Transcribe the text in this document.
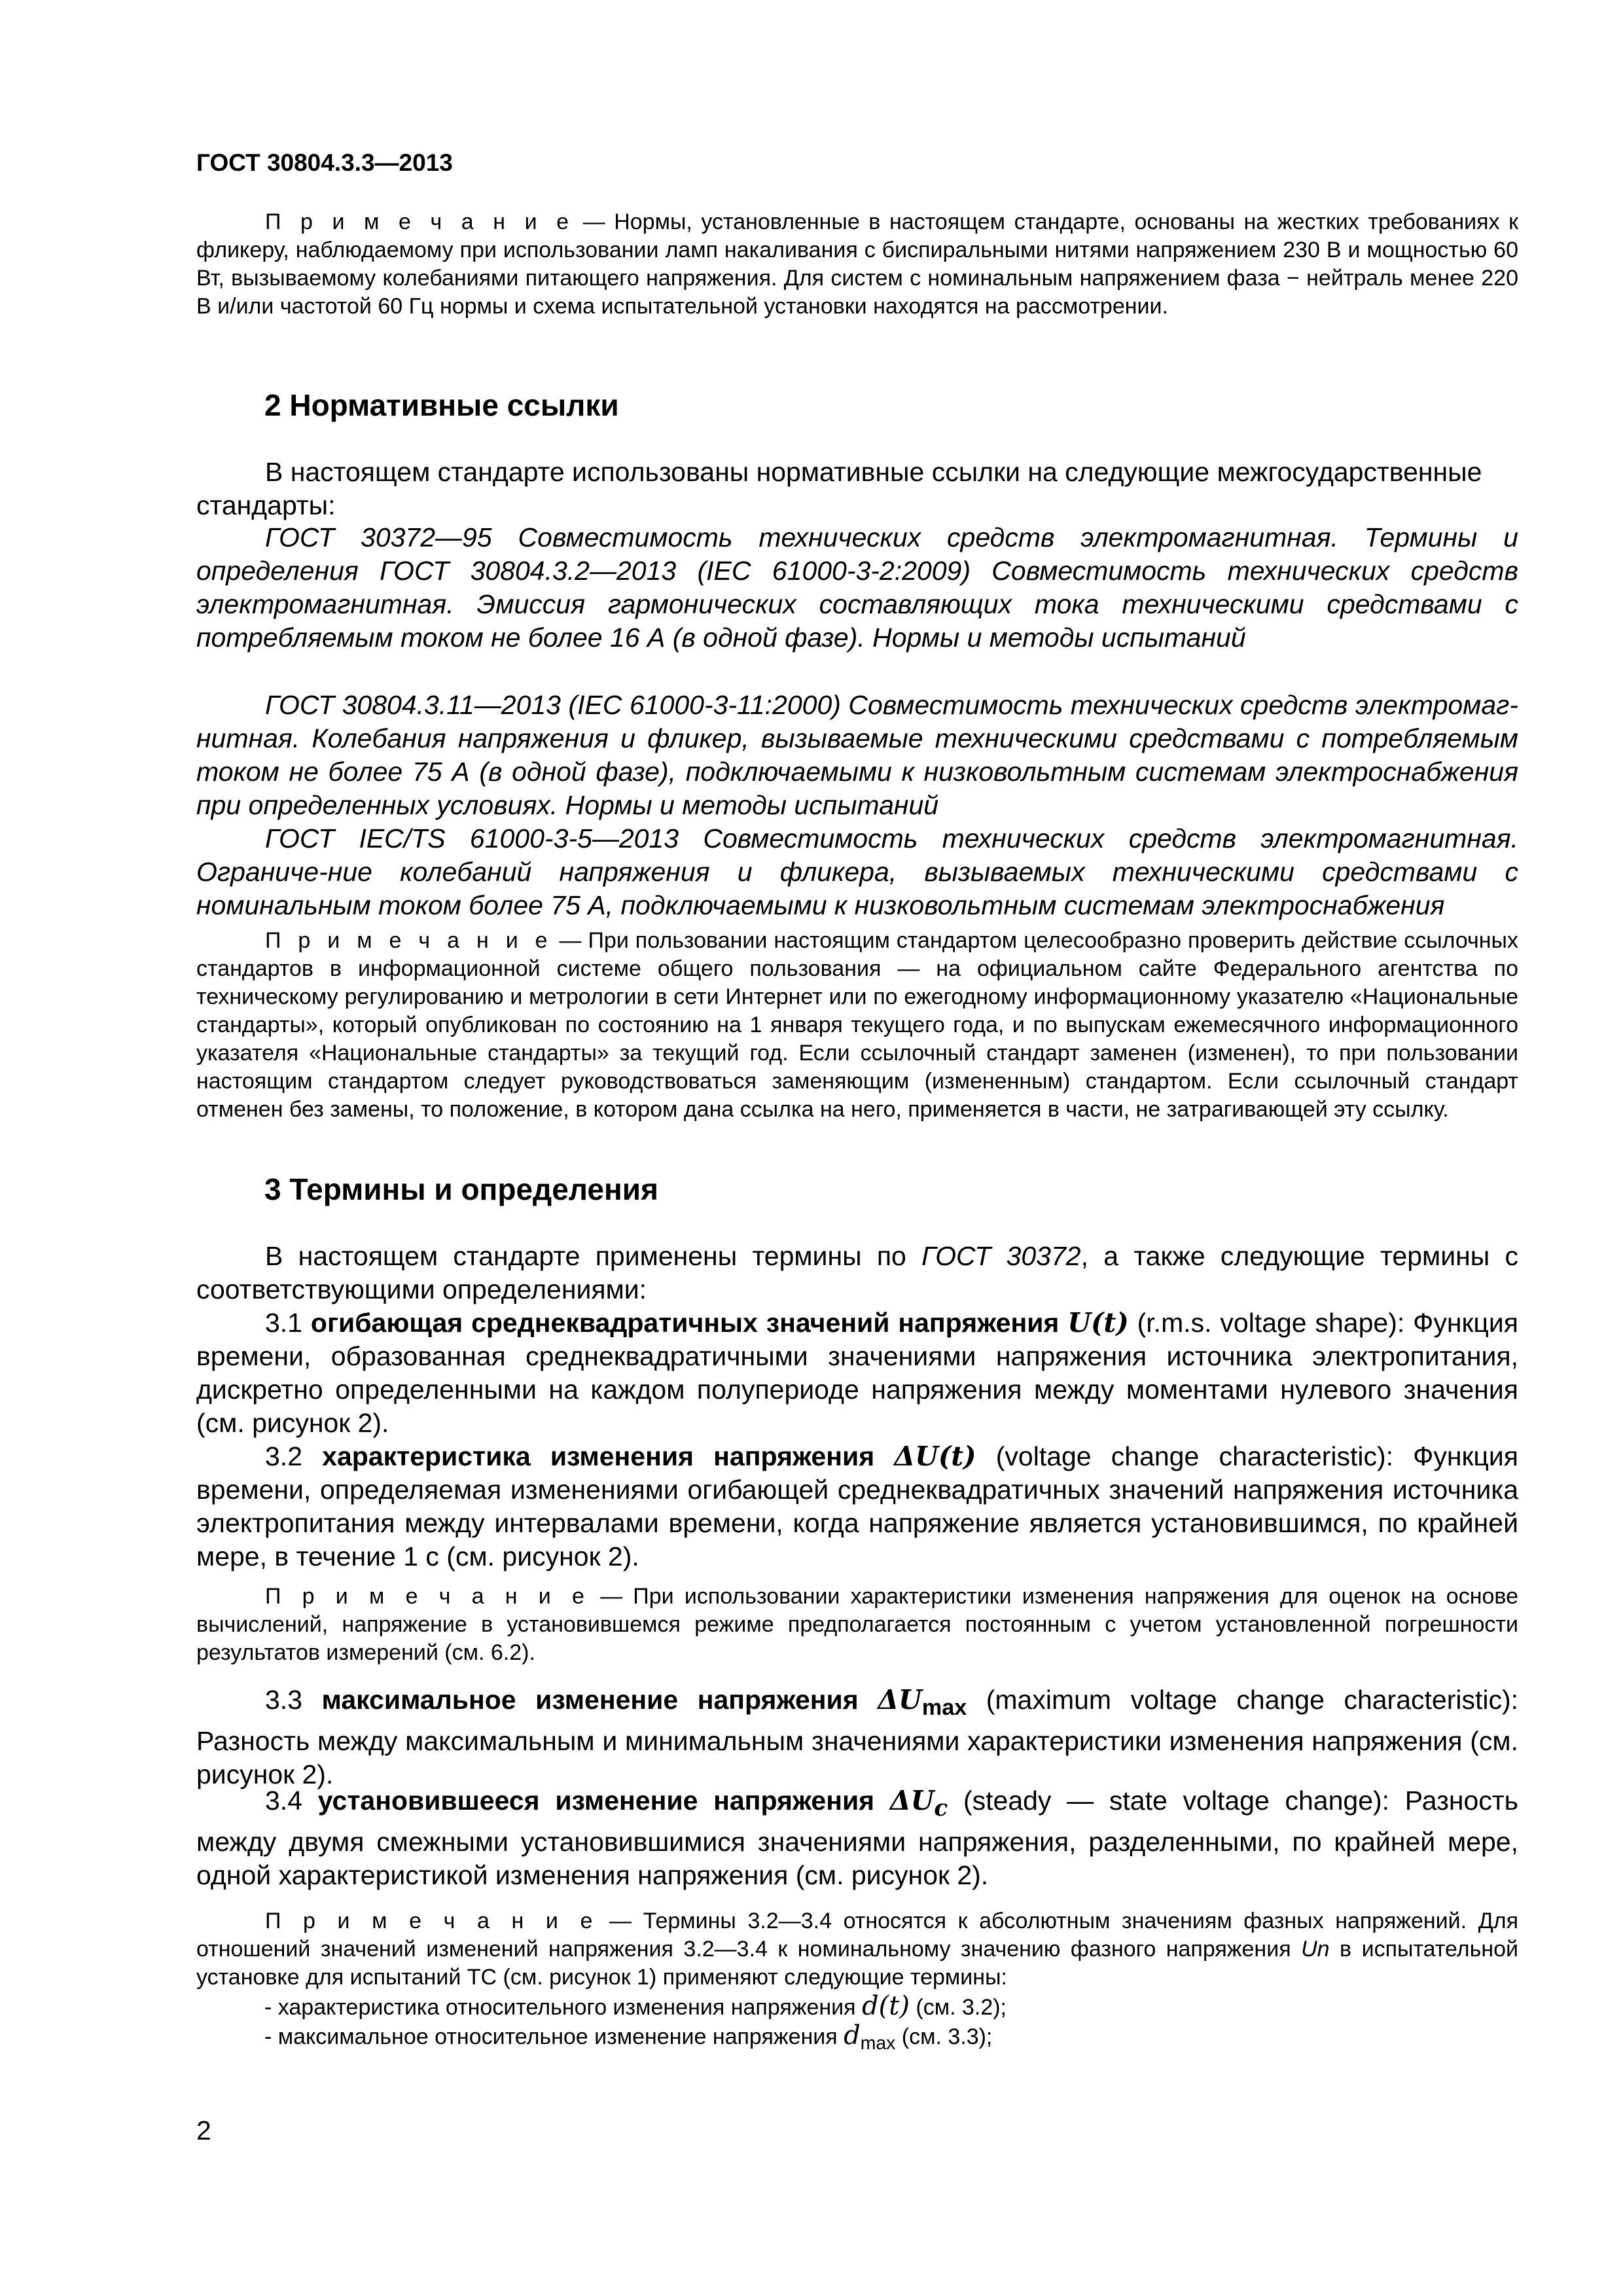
ГОСТ 30804.3.3—2013
П р и м е ч а н и е — Нормы, установленные в настоящем стандарте, основаны на жестких требованиях к фликеру, наблюдаемому при использовании ламп накаливания с биспиральными нитями напряжением 230 В и мощностью 60 Вт, вызываемому колебаниями питающего напряжения. Для систем с номинальным напряжением фаза − нейтраль менее 220 В и/или частотой 60 Гц нормы и схема испытательной установки находятся на рассмотрении.
2 Нормативные ссылки
В настоящем стандарте использованы нормативные ссылки на следующие межгосударственные стандарты:
ГОСТ 30372—95 Совместимость технических средств электромагнитная. Термины и определения ГОСТ 30804.3.2—2013 (IEC 61000-3-2:2009) Совместимость технических средств электромагнитная. Эмиссия гармонических составляющих тока техническими средствами с потребляемым током не более 16 А (в одной фазе). Нормы и методы испытаний
ГОСТ 30804.3.11—2013 (IEC 61000-3-11:2000) Совместимость технических средств электромаг-нитная. Колебания напряжения и фликер, вызываемые техническими средствами с потребляемым током не более 75 А (в одной фазе), подключаемыми к низковольтным системам электроснабжения при определенных условиях. Нормы и методы испытаний
ГОСТ IEC/TS 61000-3-5—2013 Совместимость технических средств электромагнитная. Ограниче-ние колебаний напряжения и фликера, вызываемых техническими средствами с номинальным током более 75 А, подключаемыми к низковольтным системам электроснабжения
П р и м е ч а н и е — При пользовании настоящим стандартом целесообразно проверить действие ссылочных стандартов в информационной системе общего пользования — на официальном сайте Федерального агентства по техническому регулированию и метрологии в сети Интернет или по ежегодному информационному указателю «Национальные стандарты», который опубликован по состоянию на 1 января текущего года, и по выпускам ежемесячного информационного указателя «Национальные стандарты» за текущий год. Если ссылочный стандарт заменен (изменен), то при пользовании настоящим стандартом следует руководствоваться заменяющим (измененным) стандартом. Если ссылочный стандарт отменен без замены, то положение, в котором дана ссылка на него, применяется в части, не затрагивающей эту ссылку.
3 Термины и определения
В настоящем стандарте применены термины по ГОСТ 30372, а также следующие термины с соответствующими определениями:
3.1 огибающая среднеквадратичных значений напряжения U(t) (r.m.s. voltage shape): Функция времени, образованная среднеквадратичными значениями напряжения источника электропитания, дискретно определенными на каждом полупериоде напряжения между моментами нулевого значения (см. рисунок 2).
3.2 характеристика изменения напряжения ΔU(t) (voltage change characteristic): Функция времени, определяемая изменениями огибающей среднеквадратичных значений напряжения источника электропитания между интервалами времени, когда напряжение является установившимся, по крайней мере, в течение 1 с (см. рисунок 2).
П р и м е ч а н и е — При использовании характеристики изменения напряжения для оценок на основе вычислений, напряжение в установившемся режиме предполагается постоянным с учетом установленной погрешности результатов измерений (см. 6.2).
3.3 максимальное изменение напряжения $\Delta U_{max}$ (maximum voltage change characteristic): Разность между максимальным и минимальным значениями характеристики изменения напряжения (см. рисунок 2).
3.4 установившееся изменение напряжения $\Delta U_c$ (steady — state voltage change): Разность между двумя смежными установившимися значениями напряжения, разделенными, по крайней мере, одной характеристикой изменения напряжения (см. рисунок 2).
П р и м е ч а н и е — Термины 3.2—3.4 относятся к абсолютным значениям фазных напряжений. Для отношений значений изменений напряжения 3.2—3.4 к номинальному значению фазного напряжения Un в испытательной установке для испытаний ТС (см. рисунок 1) применяют следующие термины:
- характеристика относительного изменения напряжения d(t) (см. 3.2);
- максимальное относительное изменение напряжения $d_{max}$ (см. 3.3);
2
